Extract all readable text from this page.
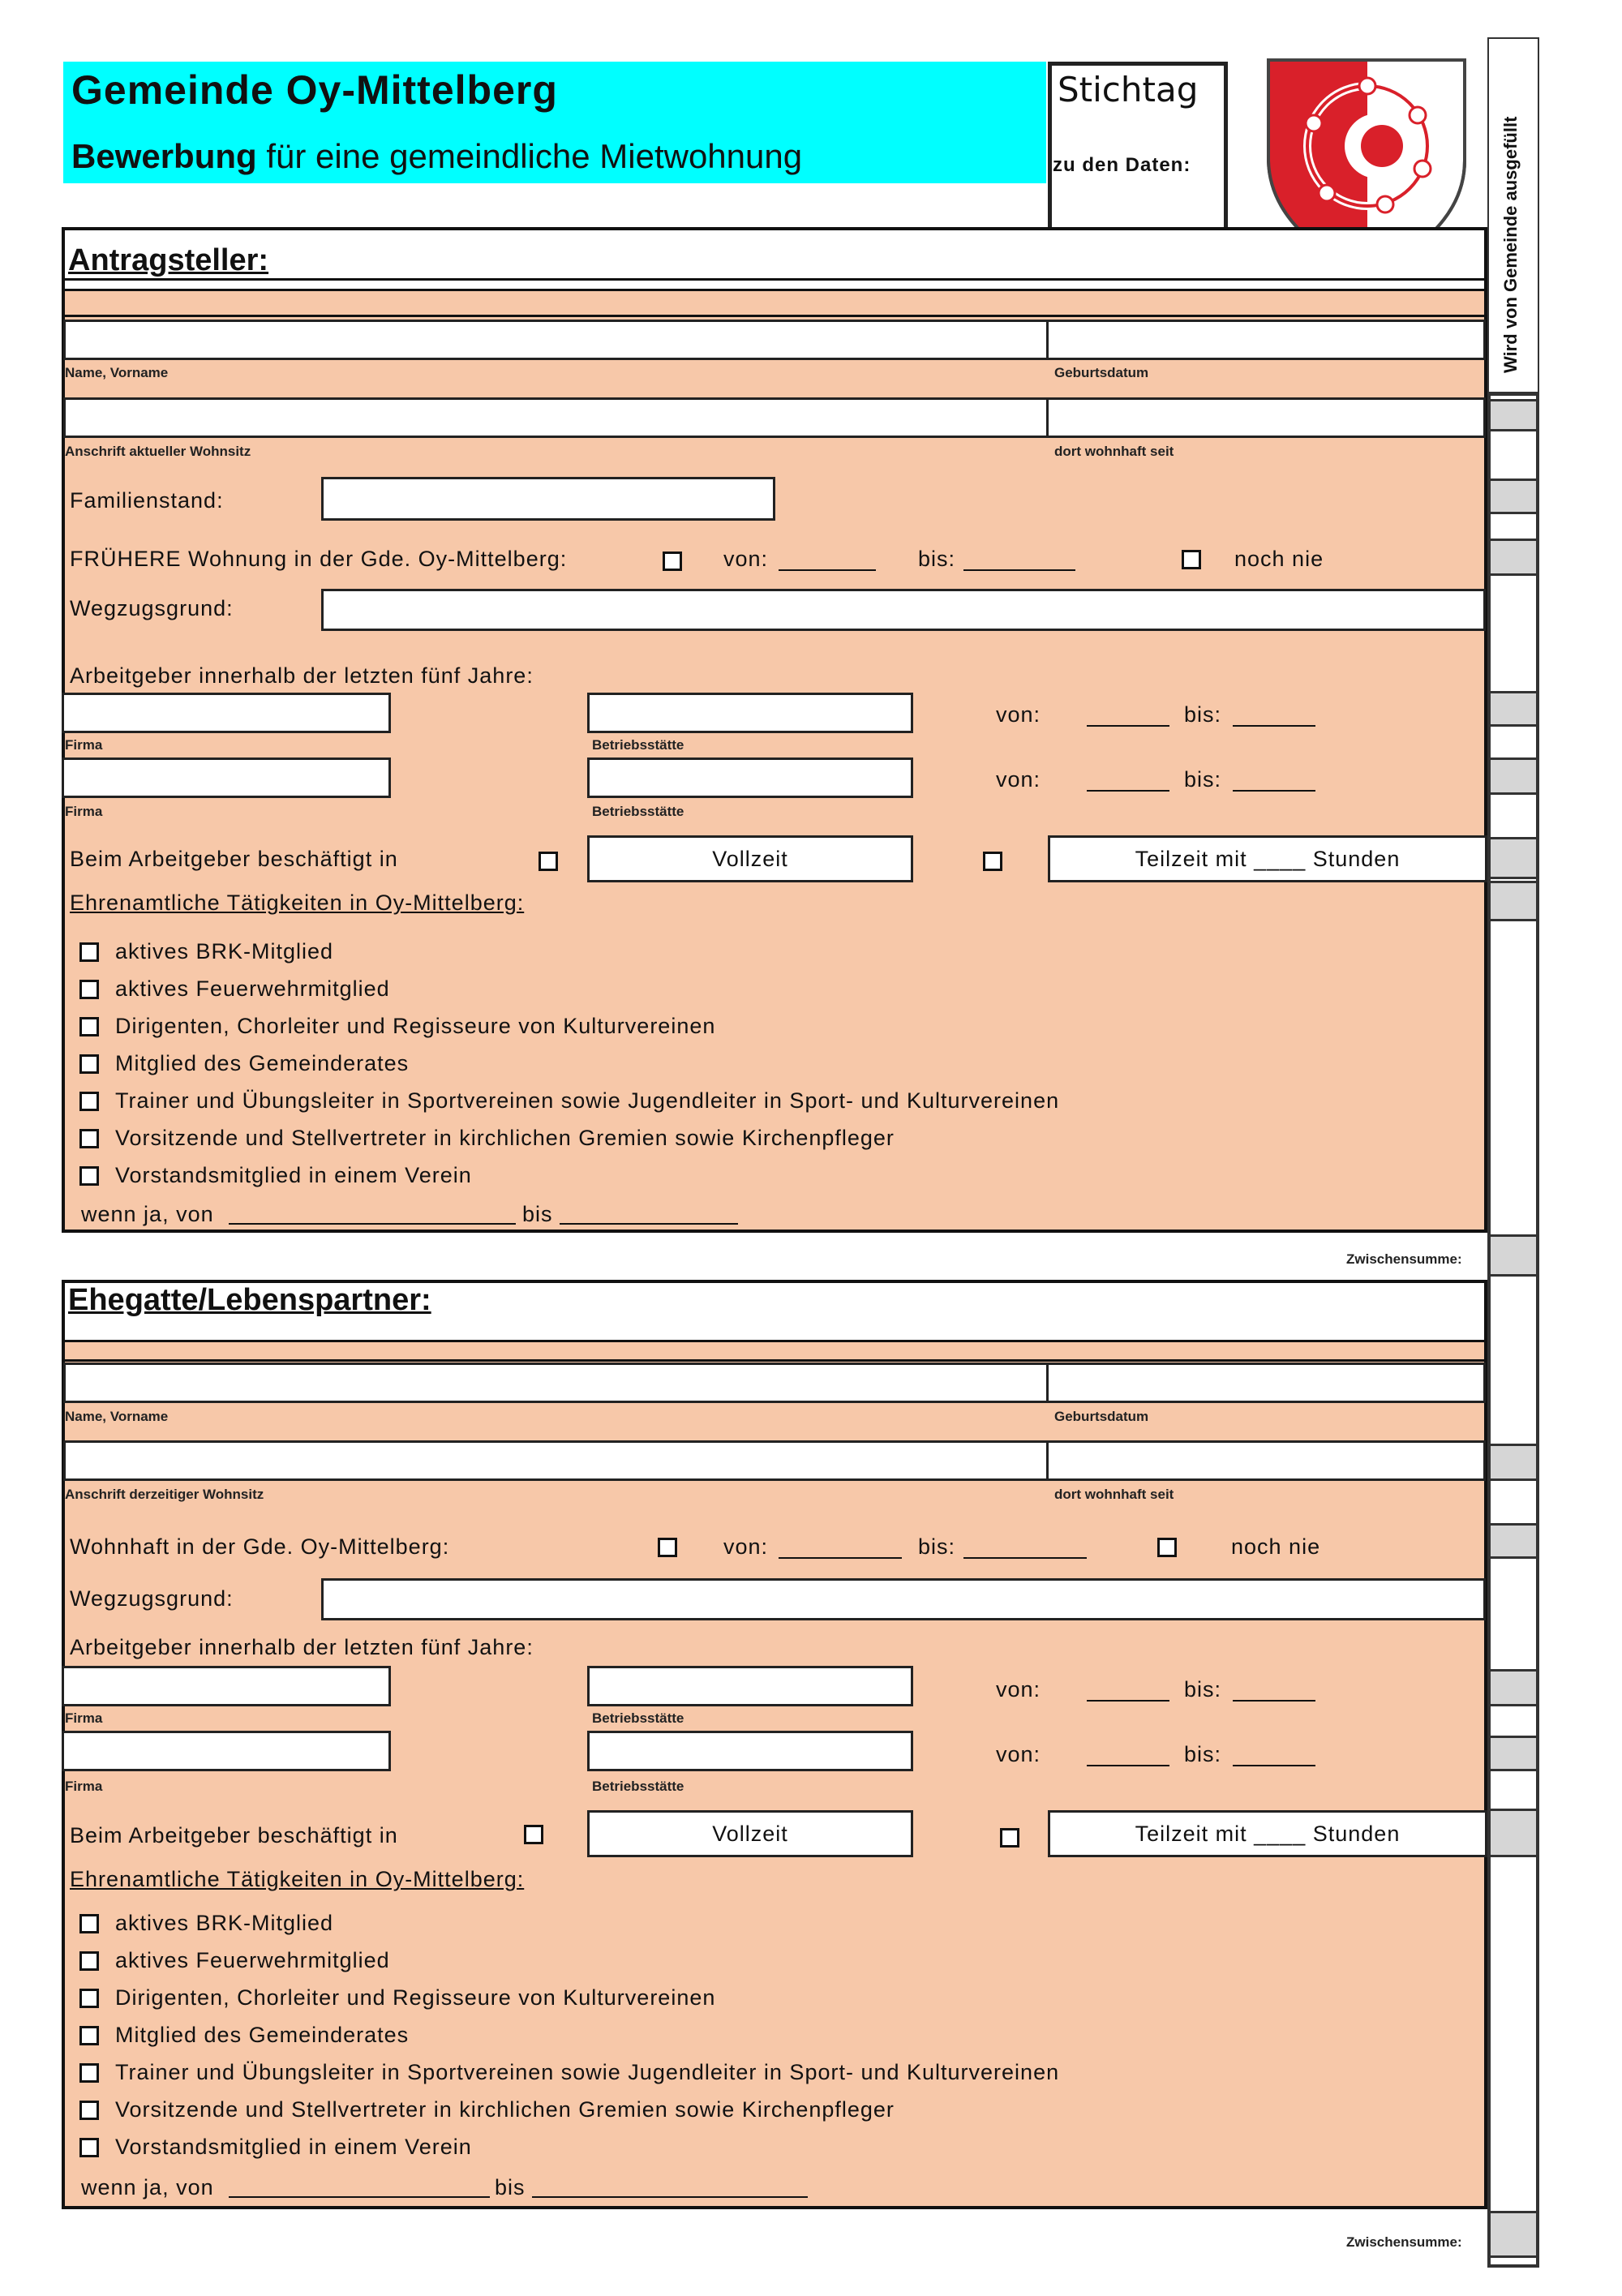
Gemeinde Oy-Mittelberg
Bewerbung für eine gemeindliche Mietwohnung
Stichtag
zu den Daten:	Wird von Gemeinde ausgefüllt
Antragsteller:
Name, Vorname	Geburtsdatum
Anschrift aktueller Wohnsitz	dort wohnhaft seit
Familienstand:
FRÜHERE Wohnung in der Gde. Oy-Mittelberg:	von:	bis:	noch nie
Wegzugsgrund:
Arbeitgeber innerhalb der letzten fünf Jahre:
von:	bis:
Firma	Betriebsstätte
von:	bis:
Firma	Betriebsstätte
Beim Arbeitgeber beschäftigt in	Vollzeit	Teilzeit mit ____ Stunden
Ehrenamtliche Tätigkeiten in Oy-Mittelberg:
aktives BRK-Mitglied
aktives Feuerwehrmitglied
Dirigenten, Chorleiter und Regisseure von Kulturvereinen
Mitglied des Gemeinderates
Trainer und Übungsleiter in Sportvereinen sowie Jugendleiter in Sport- und Kulturvereinen
Vorsitzende und Stellvertreter in kirchlichen Gremien sowie Kirchenpfleger
Vorstandsmitglied in einem Verein
wenn ja, von	bis
Zwischensumme:
Ehegatte/Lebenspartner:
Name, Vorname	Geburtsdatum
Anschrift derzeitiger Wohnsitz	dort wohnhaft seit
Wohnhaft in der Gde. Oy-Mittelberg:	von:	bis:	noch nie
Wegzugsgrund:
Arbeitgeber innerhalb der letzten fünf Jahre:
von:	bis:
Firma	Betriebsstätte
von:	bis:
Firma	Betriebsstätte
Beim Arbeitgeber beschäftigt in	Vollzeit	Teilzeit mit ____ Stunden
Ehrenamtliche Tätigkeiten in Oy-Mittelberg:
aktives BRK-Mitglied
aktives Feuerwehrmitglied
Dirigenten, Chorleiter und Regisseure von Kulturvereinen
Mitglied des Gemeinderates
Trainer und Übungsleiter in Sportvereinen sowie Jugendleiter in Sport- und Kulturvereinen
Vorsitzende und Stellvertreter in kirchlichen Gremien sowie Kirchenpfleger
Vorstandsmitglied in einem Verein
wenn ja, von	bis
Zwischensumme:
